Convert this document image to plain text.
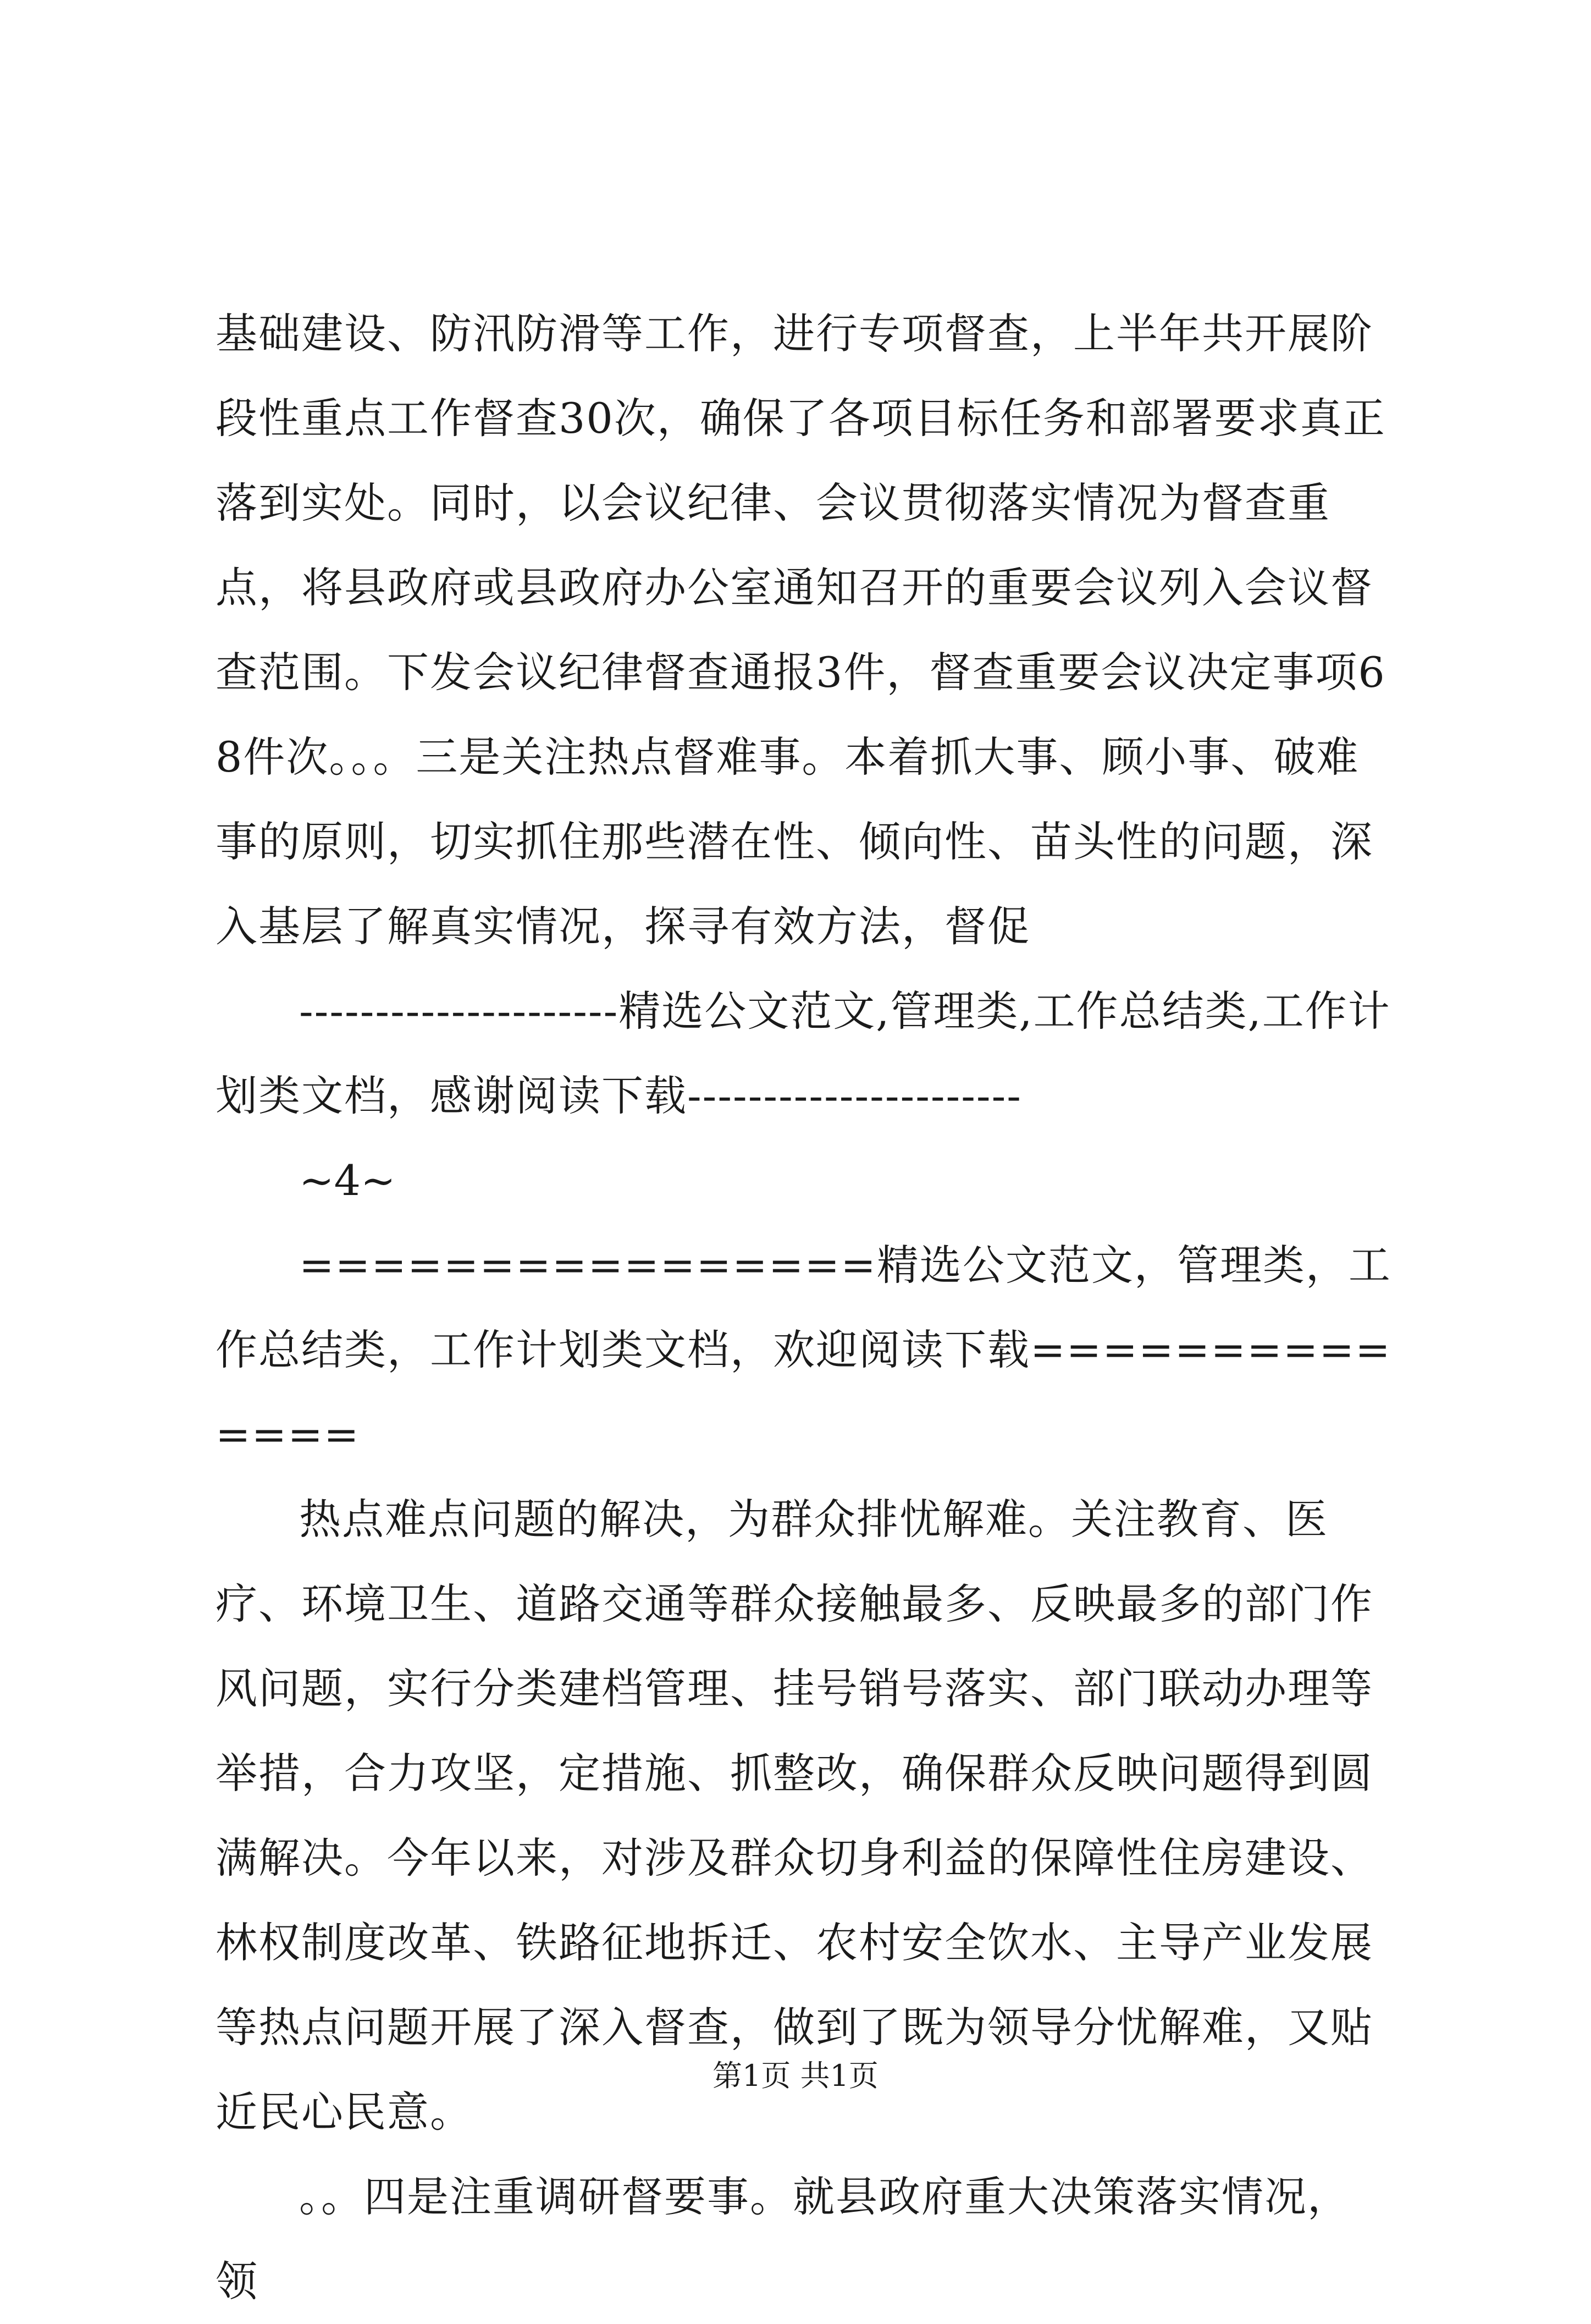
基础建设、防汛防滑等工作，进行专项督查，上半年共开展阶段性重点工作督查30次，确保了各项目标任务和部署要求真正落到实处。同时，以会议纪律、会议贯彻落实情况为督查重点，将县政府或县政府办公室通知召开的重要会议列入会议督查范围。下发会议纪律督查通报3件，督查重要会议决定事项68件次。。。三是关注热点督难事。本着抓大事、顾小事、破难事的原则，切实抓住那些潜在性、倾向性、苗头性的问题，深入基层了解真实情况，探寻有效方法，督促

---------------------精选公文范文,管理类,工作总结类,工作计划类文档，感谢阅读下载----------------------

~4~

================精选公文范文，管理类，工作总结类，工作计划类文档，欢迎阅读下载==============

热点难点问题的解决，为群众排忧解难。关注教育、医疗、环境卫生、道路交通等群众接触最多、反映最多的部门作风问题，实行分类建档管理、挂号销号落实、部门联动办理等举措，合力攻坚，定措施、抓整改，确保群众反映问题得到圆满解决。今年以来，对涉及群众切身利益的保障性住房建设、林权制度改革、铁路征地拆迁、农村安全饮水、主导产业发展等热点问题开展了深入督查，做到了既为领导分忧解难，又贴近民心民意。

。。四是注重调研督要事。就县政府重大决策落实情况，领

第1页 共1页
